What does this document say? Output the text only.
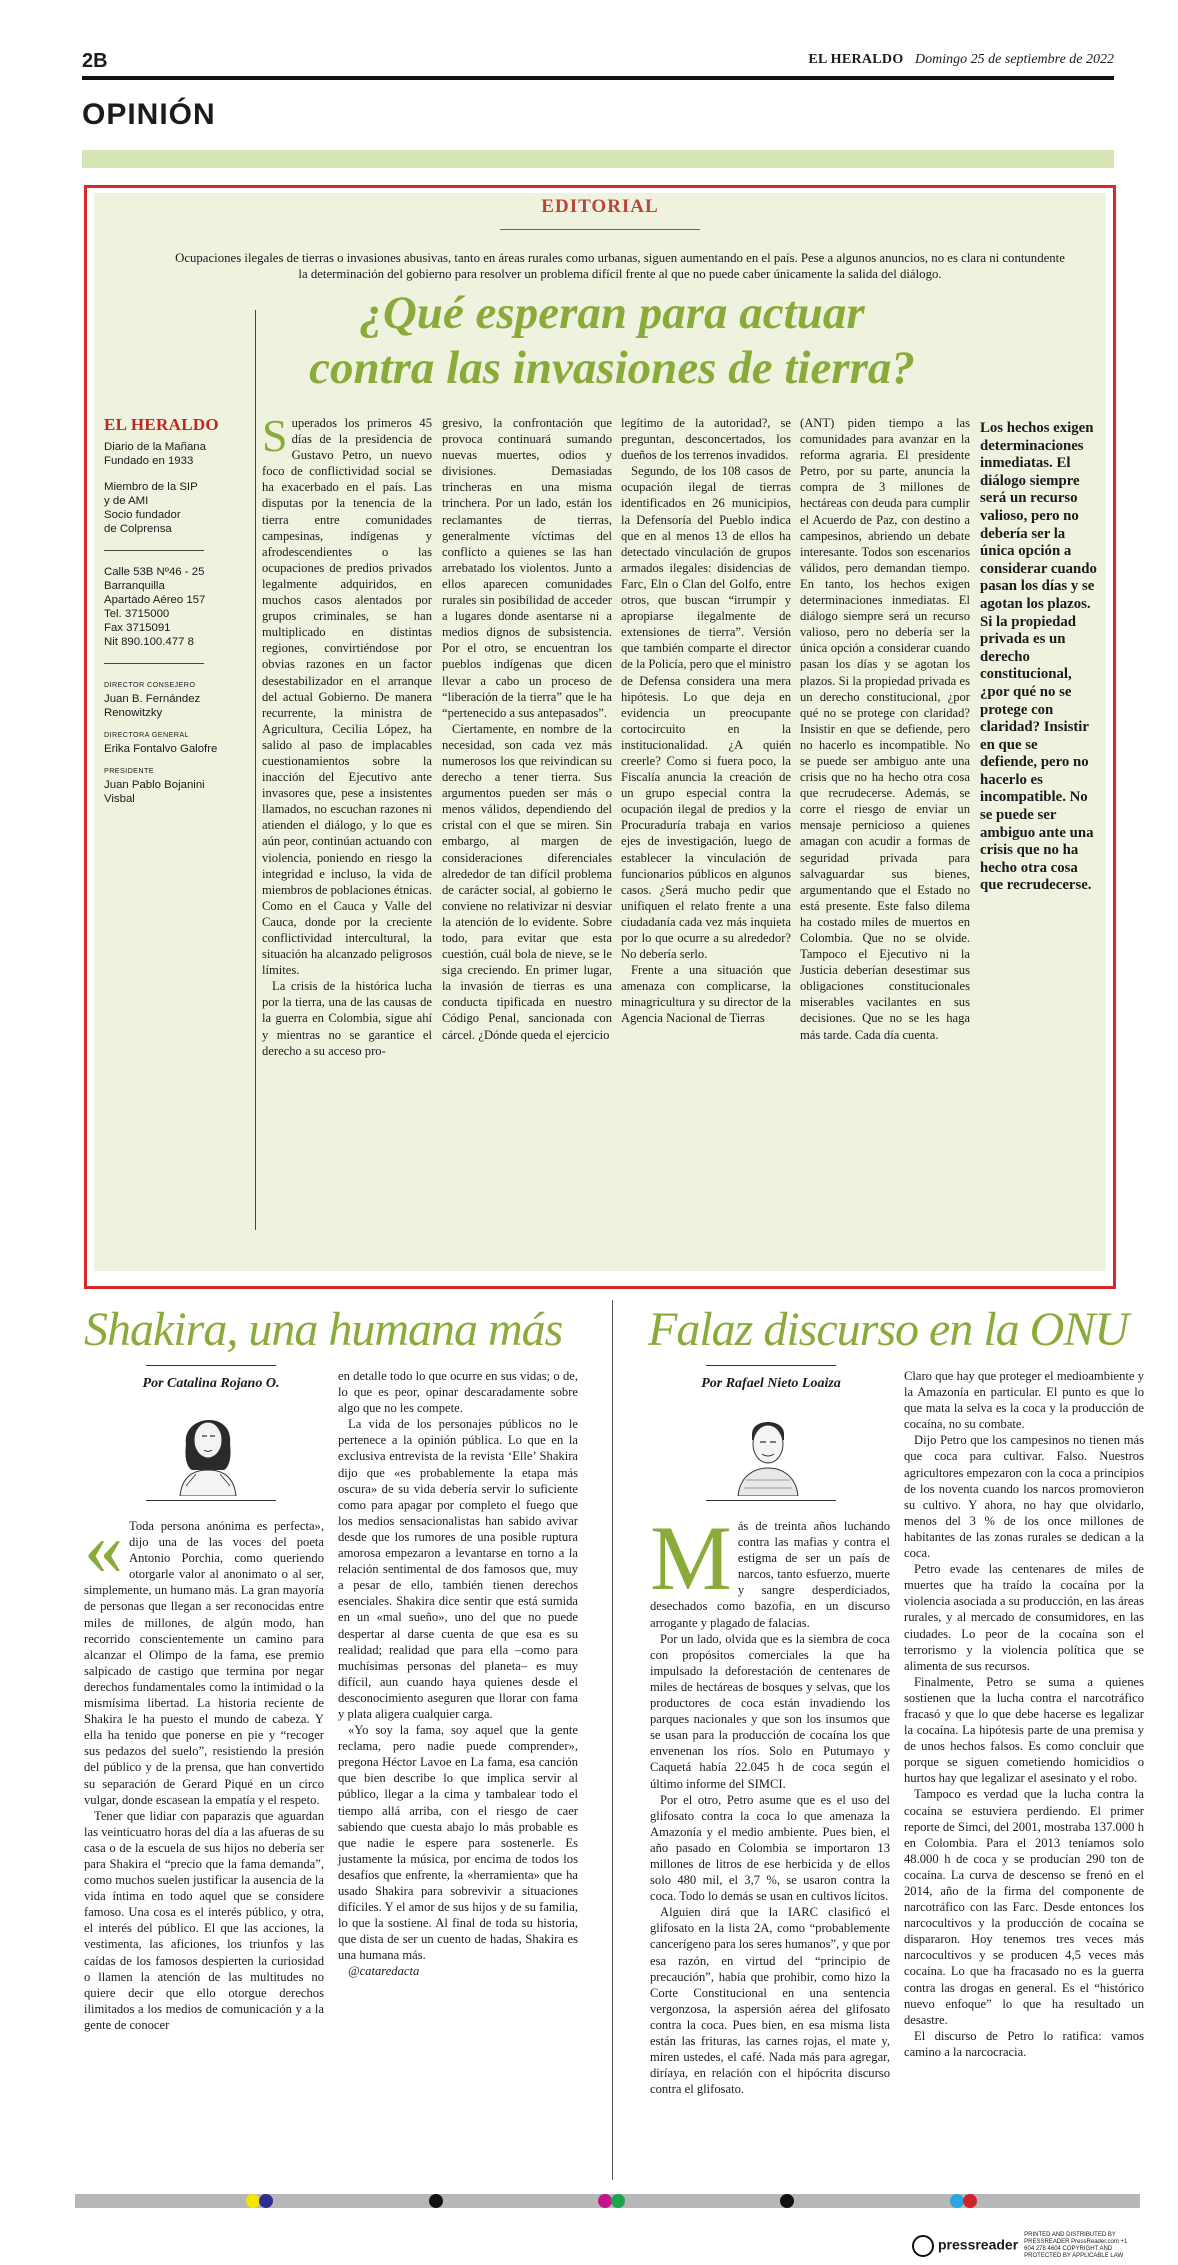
2B	EL HERALDO Domingo 25 de septiembre de 2022
OPINIÓN
EDITORIAL
Ocupaciones ilegales de tierras o invasiones abusivas, tanto en áreas rurales como urbanas, siguen aumentando en el país. Pese a algunos anuncios, no es clara ni contundente la determinación del gobierno para resolver un problema difícil frente al que no puede caber únicamente la salida del diálogo.
¿Qué esperan para actuar
contra las invasiones de tierra?
EL HERALDO
Diario de la Mañana
Fundado en 1933
Miembro de la SIP
y de AMI
Socio fundador
de Colprensa
Calle 53B Nº46 - 25
Barranquilla
Apartado Aéreo 157
Tel. 3715000
Fax 3715091
Nit 890.100.477 8
DIRECTOR CONSEJERO
Juan B. Fernández
Renowitzky
DIRECTORA GENERAL
Erika Fontalvo Galofre
PRESIDENTE
Juan Pablo Bojanini
Visbal

Superados los primeros 45 días de la presidencia de Gustavo Petro, un nuevo foco de conflictividad social se ha exacerbado en el país. Las disputas por la tenencia de la tierra entre comunidades campesinas, indígenas y afrodescendientes o las ocupaciones de predios privados legalmente adquiridos, en muchos casos alentados por grupos criminales, se han multiplicado en distintas regiones, convirtiéndose por obvias razones en un factor desestabilizador en el arranque del actual Gobierno. De manera recurrente, la ministra de Agricultura, Cecilia López, ha salido al paso de implacables cuestionamientos sobre la inacción del Ejecutivo ante invasores que, pese a insistentes llamados, no escuchan razones ni atienden el diálogo, y lo que es aún peor, continúan actuando con violencia, poniendo en riesgo la integridad e incluso, la vida de miembros de poblaciones étnicas. Como en el Cauca y Valle del Cauca, donde por la creciente conflictividad intercultural, la situación ha alcanzado peligrosos límites.

La crisis de la histórica lucha por la tierra, una de las causas de la guerra en Colombia, sigue ahí y mientras no se garantice el derecho a su acceso pro-

gresivo, la confrontación que provoca continuará sumando nuevas muertes, odios y divisiones. Demasiadas trincheras en una misma trinchera. Por un lado, están los reclamantes de tierras, generalmente víctimas del conflicto a quienes se las han arrebatado los violentos. Junto a ellos aparecen comunidades rurales sin posibilidad de acceder a lugares donde asentarse ni a medios dignos de subsistencia. Por el otro, se encuentran los pueblos indígenas que dicen llevar a cabo un proceso de “liberación de la tierra” que le ha “pertenecido a sus antepasados”.

Ciertamente, en nombre de la necesidad, son cada vez más numerosos los que reivindican su derecho a tener tierra. Sus argumentos pueden ser más o menos válidos, dependiendo del cristal con el que se miren. Sin embargo, al margen de consideraciones diferenciales alrededor de tan difícil problema de carácter social, al gobierno le conviene no relativizar ni desviar la atención de lo evidente. Sobre todo, para evitar que esta cuestión, cuál bola de nieve, se le siga creciendo. En primer lugar, la invasión de tierras es una conducta tipificada en nuestro Código Penal, sancionada con cárcel. ¿Dónde queda el ejercicio

legítimo de la autoridad?, se preguntan, desconcertados, los dueños de los terrenos invadidos.

Segundo, de los 108 casos de ocupación ilegal de tierras identificados en 26 municipios, la Defensoría del Pueblo indica que en al menos 13 de ellos ha detectado vinculación de grupos armados ilegales: disidencias de Farc, Eln o Clan del Golfo, entre otros, que buscan “irrumpir y apropiarse ilegalmente de extensiones de tierra”. Versión que también comparte el director de la Policía, pero que el ministro de Defensa considera una mera hipótesis. Lo que deja en evidencia un preocupante cortocircuito en la institucionalidad. ¿A quién creerle? Como si fuera poco, la Fiscalía anuncia la creación de un grupo especial contra la ocupación ilegal de predios y la Procuraduría trabaja en varios ejes de investigación, luego de establecer la vinculación de funcionarios públicos en algunos casos. ¿Será mucho pedir que unifiquen el relato frente a una ciudadanía cada vez más inquieta por lo que ocurre a su alrededor? No debería serlo.

Frente a una situación que amenaza con complicarse, la minagricultura y su director de la Agencia Nacional de Tierras

(ANT) piden tiempo a las comunidades para avanzar en la reforma agraria. El presidente Petro, por su parte, anuncia la compra de 3 millones de hectáreas con deuda para cumplir el Acuerdo de Paz, con destino a campesinos, abriendo un debate interesante. Todos son escenarios válidos, pero demandan tiempo. En tanto, los hechos exigen determinaciones inmediatas. El diálogo siempre será un recurso valioso, pero no debería ser la única opción a considerar cuando pasan los días y se agotan los plazos. Si la propiedad privada es un derecho constitucional, ¿por qué no se protege con claridad? Insistir en que se defiende, pero no hacerlo es incompatible. No se puede ser ambiguo ante una crisis que no ha hecho otra cosa que recrudecerse. Además, se corre el riesgo de enviar un mensaje pernicioso a quienes amagan con acudir a formas de seguridad privada para salvaguardar sus bienes, argumentando que el Estado no está presente. Este falso dilema ha costado miles de muertos en Colombia. Que no se olvide. Tampoco el Ejecutivo ni la Justicia deberían desestimar sus obligaciones constitucionales miserables vacilantes en sus decisiones. Que no se les haga más tarde. Cada día cuenta.

Los hechos exigen determinaciones inmediatas. El diálogo siempre será un recurso valioso, pero no debería ser la única opción a considerar cuando pasan los días y se agotan los plazos. Si la propiedad privada es un derecho constitucional, ¿por qué no se protege con claridad? Insistir en que se defiende, pero no hacerlo es incompatible. No se puede ser ambiguo ante una crisis que no ha hecho otra cosa que recrudecerse.
Shakira, una humana más	Falaz discurso en la ONU
Por Catalina Rojano O.

« Toda persona anónima es perfecta», dijo una de las voces del poeta Antonio Porchia, como queriendo otorgarle valor al anonimato o al ser, simplemente, un humano más. La gran mayoría de personas que llegan a ser reconocidas entre miles de millones, de algún modo, han recorrido conscientemente un camino para alcanzar el Olimpo de la fama, ese premio salpicado de castigo que termina por negar derechos fundamentales como la intimidad o la mismísima libertad. La historia reciente de Shakira le ha puesto el mundo de cabeza. Y ella ha tenido que ponerse en pie y “recoger sus pedazos del suelo”, resistiendo la presión del público y de la prensa, que han convertido su separación de Gerard Piqué en un circo vulgar, donde escasean la empatía y el respeto.

Tener que lidiar con paparazis que aguardan las veinticuatro horas del día a las afueras de su casa o de la escuela de sus hijos no debería ser para Shakira el “precio que la fama demanda”, como muchos suelen justificar la ausencia de la vida íntima en todo aquel que se considere famoso. Una cosa es el interés público, y otra, el interés del público. El que las acciones, la vestimenta, las aficiones, los triunfos y las caídas de los famosos despierten la curiosidad o llamen la atención de las multitudes no quiere decir que ello otorgue derechos ilimitados a los medios de comunicación y a la gente de conocer

en detalle todo lo que ocurre en sus vidas; o de, lo que es peor, opinar descaradamente sobre algo que no les compete.

La vida de los personajes públicos no le pertenece a la opinión pública. Lo que en la exclusiva entrevista de la revista ‘Elle’ Shakira dijo que «es probablemente la etapa más oscura» de su vida debería servir lo suficiente como para apagar por completo el fuego que los medios sensacionalistas han sabido avivar desde que los rumores de una posible ruptura amorosa empezaron a levantarse en torno a la relación sentimental de dos famosos que, muy a pesar de ello, también tienen derechos esenciales. Shakira dice sentir que está sumida en un «mal sueño», uno del que no puede despertar al darse cuenta de que esa es su realidad; realidad que para ella –como para muchísimas personas del planeta– es muy difícil, aun cuando haya quienes desde el desconocimiento aseguren que llorar con fama y plata aligera cualquier carga.

«Yo soy la fama, soy aquel que la gente reclama, pero nadie puede comprender», pregona Héctor Lavoe en La fama, esa canción que bien describe lo que implica servir al público, llegar a la cima y tambalear todo el tiempo allá arriba, con el riesgo de caer sabiendo que cuesta abajo lo más probable es que nadie le espere para sostenerle. Es justamente la música, por encima de todos los desafíos que enfrente, la «herramienta» que ha usado Shakira para sobrevivir a situaciones difíciles. Y el amor de sus hijos y de su familia, lo que la sostiene. Al final de toda su historia, que dista de ser un cuento de hadas, Shakira es una humana más.

@cataredacta

Por Rafael Nieto Loaiza

Más de treinta años luchando contra las mafias y contra el estigma de ser un país de narcos, tanto esfuerzo, muerte y sangre desperdiciados, desechados como bazofia, en un discurso arrogante y plagado de falacias.

Por un lado, olvida que es la siembra de coca con propósitos comerciales la que ha impulsado la deforestación de centenares de miles de hectáreas de bosques y selvas, que los productores de coca están invadiendo los parques nacionales y que son los insumos que se usan para la producción de cocaína los que envenenan los ríos. Solo en Putumayo y Caquetá había 22.045 h de coca según el último informe del SIMCI.

Por el otro, Petro asume que es el uso del glifosato contra la coca lo que amenaza la Amazonía y el medio ambiente. Pues bien, el año pasado en Colombia se importaron 13 millones de litros de ese herbicida y de ellos solo 480 mil, el 3,7 %, se usaron contra la coca. Todo lo demás se usan en cultivos lícitos.

Alguien dirá que la IARC clasificó el glifosato en la lista 2A, como “probablemente cancerígeno para los seres humanos”, y que por esa razón, en virtud del “principio de precaución”, había que prohibir, como hizo la Corte Constitucional en una sentencia vergonzosa, la aspersión aérea del glifosato contra la coca. Pues bien, en esa misma lista están las frituras, las carnes rojas, el mate y, miren ustedes, el café. Nada más para agregar, diríaya, en relación con el hipócrita discurso contra el glifosato.

Claro que hay que proteger el medioambiente y la Amazonía en particular. El punto es que lo que mata la selva es la coca y la producción de cocaína, no su combate.

Dijo Petro que los campesinos no tienen más que coca para cultivar. Falso. Nuestros agricultores empezaron con la coca a principios de los noventa cuando los narcos promovieron su cultivo. Y ahora, no hay que olvidarlo, menos del 3 % de los once millones de habitantes de las zonas rurales se dedican a la coca.

Petro evade las centenares de miles de muertes que ha traído la cocaína por la violencia asociada a su producción, en las áreas rurales, y al mercado de consumidores, en las ciudades. Lo peor de la cocaína son el terrorismo y la violencia política que se alimenta de sus recursos.

Finalmente, Petro se suma a quienes sostienen que la lucha contra el narcotráfico fracasó y que lo que debe hacerse es legalizar la cocaína. La hipótesis parte de una premisa y de unos hechos falsos. Es como concluir que porque se siguen cometiendo homicidios o hurtos hay que legalizar el asesinato y el robo.

Tampoco es verdad que la lucha contra la cocaína se estuviera perdiendo. El primer reporte de Simci, del 2001, mostraba 137.000 h en Colombia. Para el 2013 teníamos solo 48.000 h de coca y se producían 290 ton de cocaína. La curva de descenso se frenó en el 2014, año de la firma del componente de narcotráfico con las Farc. Desde entonces los narcocultivos y la producción de cocaína se dispararon. Hoy tenemos tres veces más narcocultivos y se producen 4,5 veces más cocaína. Lo que ha fracasado no es la guerra contra las drogas en general. Es el “histórico nuevo enfoque” lo que ha resultado un desastre.

El discurso de Petro lo ratifica: vamos camino a la narcocracia.

pressreaderPRINTED AND DISTRIBUTED BY PRESSREADER PressReader.com +1 604 278 4604 COPYRIGHT AND PROTECTED BY APPLICABLE LAW
